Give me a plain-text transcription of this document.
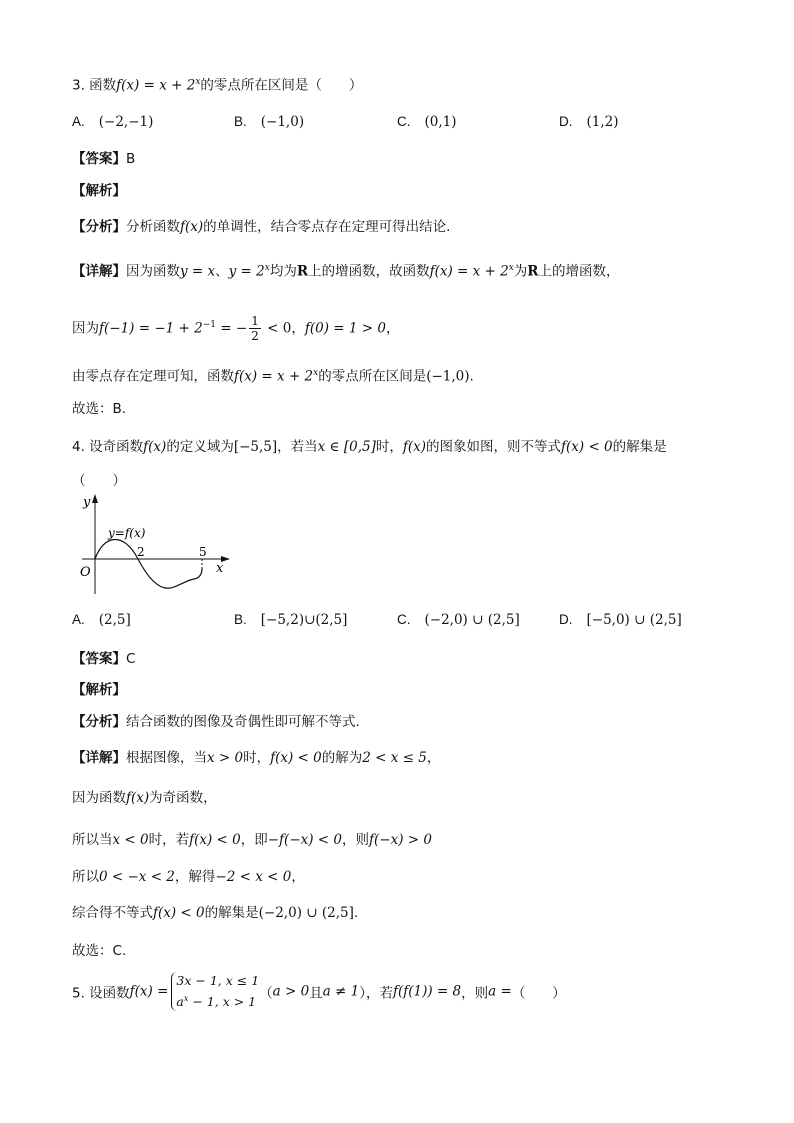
3. 函数$f(x) = x + 2^x$的零点所在区间是（　　）
A. (−2,−1)	B. (−1,0)	C. (0,1)	D. (1,2)
【答案】B
【解析】
【分析】分析函数f(x)的单调性，结合零点存在定理可得出结论.
【详解】因为函数y = x、$y = 2^x$均为R上的增函数，故函数$f(x) = x + 2^x$为R上的增函数，
因为$f(-1) = -1 + 2^{-1}$ = − $\frac{1}{2} < 0$，f(0) = 1 > 0，
由零点存在定理可知，函数$f(x) = x + 2^x$的零点所在区间是(−1,0).
故选：B.
4. 设奇函数f(x)的定义域为[−5,5]，若当x ∈ [0,5]时，f(x)的图象如图，则不等式f(x) < 0的解集是
（　　）
y
x
O
y=f(x)
2	5
A. (2,5]	B. [−5,2)∪(2,5]	C. (−2,0) ∪ (2,5]	D. [−5,0) ∪ (2,5]
【答案】C
【解析】
【分析】结合函数的图像及奇偶性即可解不等式.
【详解】根据图像，当x > 0时，f(x) < 0的解为2 < x ≤ 5，
因为函数f(x)为奇函数，
所以当x < 0时，若f(x) < 0，即−f(−x) < 0，则f(−x) > 0
所以0 < −x < 2，解得−2 < x < 0，
综合得不等式f(x) < 0的解集是(−2,0) ∪ (2,5].
故选：C.
5. 设函数f(x) =
3x − 1, x ≤ 1
$a^x - 1$, x > 1
（a > 0且a ≠ 1），若f(f(1)) = 8，则a =（　　）
